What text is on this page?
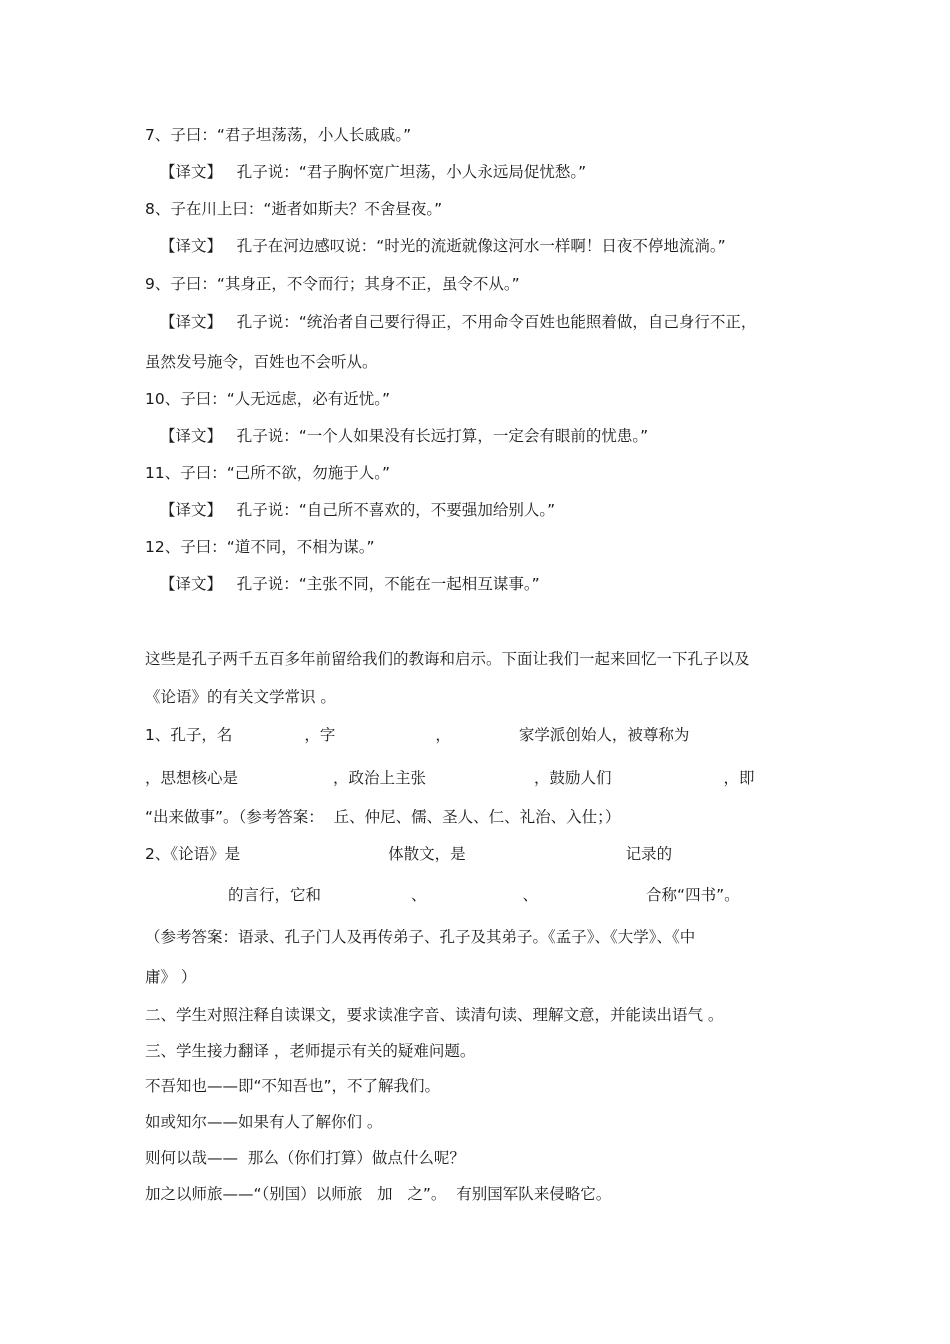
7、子曰：“君子坦荡荡，小人长戚戚。”
【译文】   孔子说：“君子胸怀宽广坦荡，小人永远局促忧愁。”
8、子在川上曰：“逝者如斯夫？不舍昼夜。”
【译文】   孔子在河边感叹说：“时光的流逝就像这河水一样啊！日夜不停地流淌。”
9、子曰：“其身正，不令而行；其身不正，虽令不从。”
【译文】   孔子说：“统治者自己要行得正，不用命令百姓也能照着做，自己身行不正，
虽然发号施令，百姓也不会听从。
10、子曰：“人无远虑，必有近忧。”
【译文】   孔子说：“一个人如果没有长远打算，一定会有眼前的忧患。”
11、子曰：“己所不欲，勿施于人。”
【译文】   孔子说：“自己所不喜欢的，不要强加给别人。”
12、子曰：“道不同，不相为谋。”
【译文】   孔子说：“主张不同，不能在一起相互谋事。”
这些是孔子两千五百多年前留给我们的教诲和启示。下面让我们一起来回忆一下孔子以及
《论语》的有关文学常识 。
1、孔子，名	，字	，	家学派创始人，被尊称为
，思想核心是	，政治上主张	，鼓励人们	，即
“出来做事”。（参考答案：  丘、仲尼、儒、圣人、仁、礼治、入仕；）
2、《论语》是	体散文，是	记录的
的言行，它和	、	、	合称“四书”。
（参考答案：语录、孔子门人及再传弟子、孔子及其弟子。《孟子》、《大学》、《中
庸》 ）
二、学生对照注释自读课文，要求读准字音、读清句读、理解文意，并能读出语气 。
三、学生接力翻译 ，老师提示有关的疑难问题。
不吾知也——即“不知吾也”，不了解我们。
如或知尔——如果有人了解你们 。
则何以哉——  那么（你们打算）做点什么呢？
加之以师旅——“（别国）以师旅   加   之”。  有别国军队来侵略它。
